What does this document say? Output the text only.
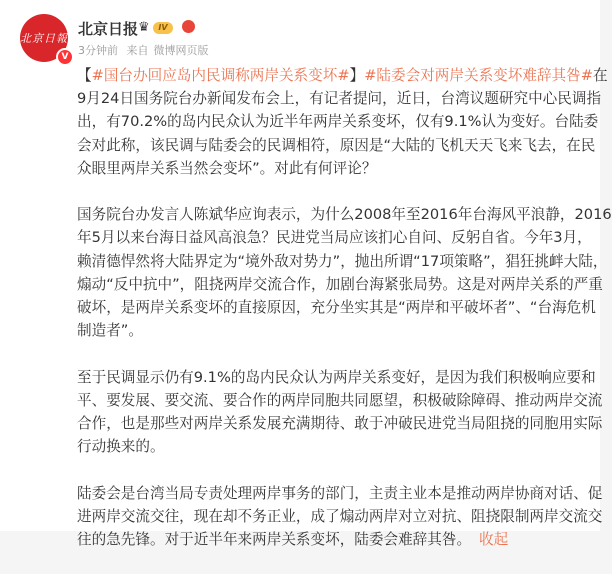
北京日報
V
北京日报 ♛	IV
3分钟前 来自 微博网页版
【#国台办回应岛内民调称两岸关系变坏#】#陆委会对两岸关系变坏难辞其咎#在
9月24日国务院台办新闻发布会上，有记者提问，近日，台湾议题研究中心民调指
出，有70.2%的岛内民众认为近半年两岸关系变坏，仅有9.1%认为变好。台陆委
会对此称，该民调与陆委会的民调相符，原因是“大陆的飞机天天飞来飞去，在民
众眼里两岸关系当然会变坏”。对此有何评论？
国务院台办发言人陈斌华应询表示，为什么2008年至2016年台海风平浪静，2016
年5月以来台海日益风高浪急？民进党当局应该扪心自问、反躬自省。今年3月，
赖清德悍然将大陆界定为“境外敌对势力”，抛出所谓“17项策略”，猖狂挑衅大陆，
煽动“反中抗中”，阻挠两岸交流合作，加剧台海紧张局势。这是对两岸关系的严重
破坏，是两岸关系变坏的直接原因，充分坐实其是“两岸和平破坏者”、“台海危机
制造者”。
至于民调显示仍有9.1%的岛内民众认为两岸关系变好，是因为我们积极响应要和
平、要发展、要交流、要合作的两岸同胞共同愿望，积极破除障碍、推动两岸交流
合作，也是那些对两岸关系发展充满期待、敢于冲破民进党当局阻挠的同胞用实际
行动换来的。
陆委会是台湾当局专责处理两岸事务的部门，主责主业本是推动两岸协商对话、促
进两岸交流交往，现在却不务正业，成了煽动两岸对立对抗、阻挠限制两岸交流交
往的急先锋。对于近半年来两岸关系变坏，陆委会难辞其咎。 收起
